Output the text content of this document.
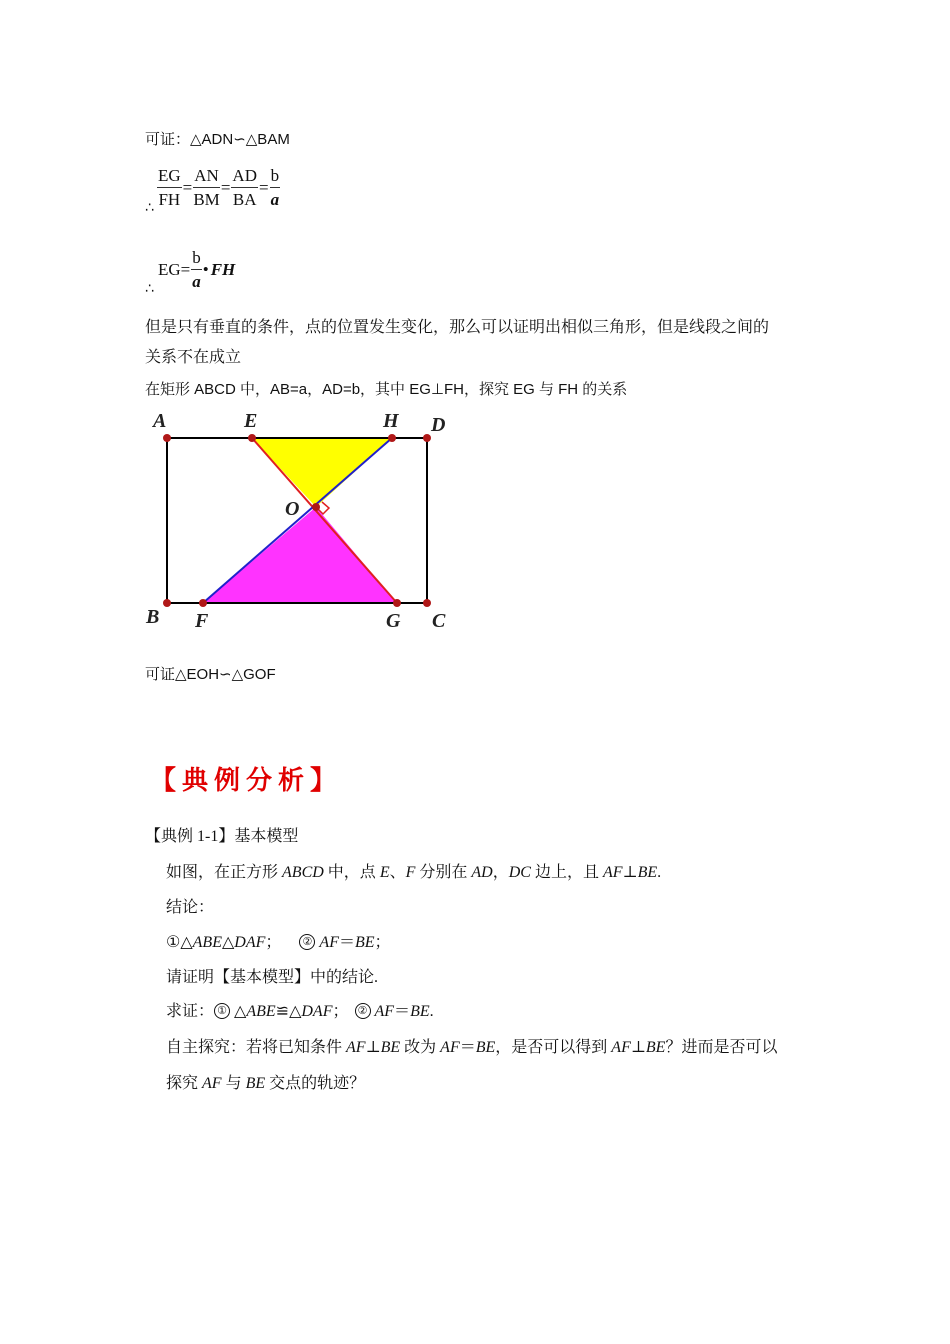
可证：△ADN∽△BAM
∴ $\frac{EG}{FH} = \frac{AN}{BM} = \frac{AD}{BA} = \frac{b}{a}$
∴
$EG= \frac{b}{a}$ • FH
但是只有垂直的条件，点的位置发生变化，那么可以证明出相似三角形，但是线段之间的
关系不在成立
在矩形 ABCD 中，AB=a，AD=b，其中 EG⊥FH，探究 EG 与 FH 的关系
A	E	H D
O
B F	G C
可证△EOH∽△GOF
【典例分析】
【典例 1-1】基本模型
如图，在正方形 ABCD 中，点 E、F 分别在 AD，DC 边上，且 AF⊥BE.
结论：
①△ABE△DAF； ② AF＝BE；
请证明【基本模型】中的结论.
求证： ① △ABE≌△DAF； ② AF＝BE.
自主探究：若将已知条件 AF⊥BE 改为 AF＝BE，是否可以得到 AF⊥BE？进而是否可以
探究 AF 与 BE 交点的轨迹？
